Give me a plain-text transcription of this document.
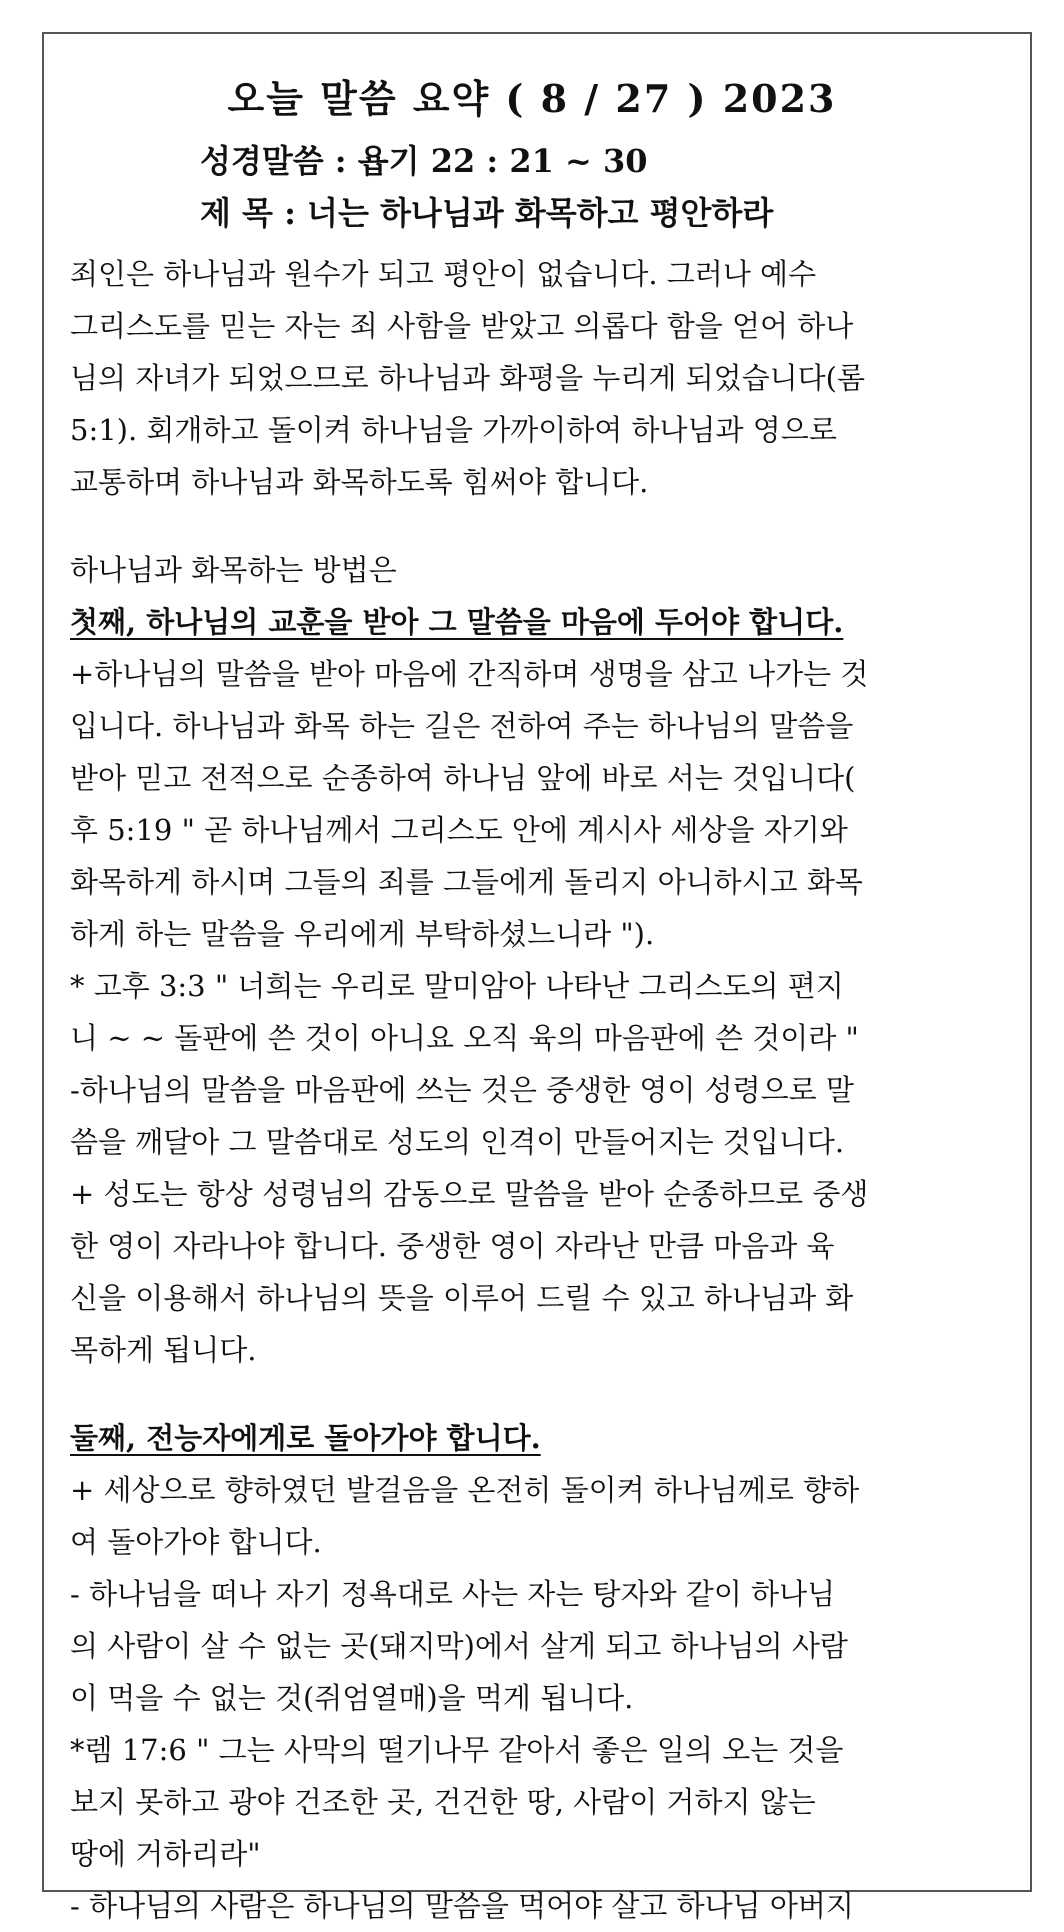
오늘 말씀 요약 ( 8 / 27 ) 2023
성경말씀 : 욥기 22 : 21 ~ 30
제 목 : 너는 하나님과 화목하고 평안하라
죄인은 하나님과 원수가 되고 평안이 없습니다. 그러나 예수
그리스도를 믿는 자는 죄 사함을 받았고 의롭다 함을 얻어 하나
님의 자녀가 되었으므로 하나님과 화평을 누리게 되었습니다(롬
5:1). 회개하고 돌이켜 하나님을 가까이하여 하나님과 영으로
교통하며 하나님과 화목하도록 힘써야 합니다.
하나님과 화목하는 방법은
첫째, 하나님의 교훈을 받아 그 말씀을 마음에 두어야 합니다.
+하나님의 말씀을 받아 마음에 간직하며 생명을 삼고 나가는 것
입니다. 하나님과 화목 하는 길은 전하여 주는 하나님의 말씀을
받아 믿고 전적으로 순종하여 하나님 앞에 바로 서는 것입니다(
후 5:19 " 곧 하나님께서 그리스도 안에 계시사 세상을 자기와
화목하게 하시며 그들의 죄를 그들에게 돌리지 아니하시고 화목
하게 하는 말씀을 우리에게 부탁하셨느니라 ").
* 고후 3:3 " 너희는 우리로 말미암아 나타난 그리스도의 편지
니 ~ ~ 돌판에 쓴 것이 아니요 오직 육의 마음판에 쓴 것이라 "
-하나님의 말씀을 마음판에 쓰는 것은 중생한 영이 성령으로 말
씀을 깨달아 그 말씀대로 성도의 인격이 만들어지는 것입니다.
+ 성도는 항상 성령님의 감동으로 말씀을 받아 순종하므로 중생
한 영이 자라나야 합니다. 중생한 영이 자라난 만큼 마음과 육
신을 이용해서 하나님의 뜻을 이루어 드릴 수 있고 하나님과 화
목하게 됩니다.
둘째, 전능자에게로 돌아가야 합니다.
+ 세상으로 향하였던 발걸음을 온전히 돌이켜 하나님께로 향하
여 돌아가야 합니다.
- 하나님을 떠나 자기 정욕대로 사는 자는 탕자와 같이 하나님
의 사람이 살 수 없는 곳(돼지막)에서 살게 되고 하나님의 사람
이 먹을 수 없는 것(쥐엄열매)을 먹게 됩니다.
*렘 17:6 " 그는 사막의 떨기나무 같아서 좋은 일의 오는 것을
보지 못하고 광야 건조한 곳, 건건한 땅, 사람이 거하지 않는
땅에 거하리라"
- 하나님의 사람은 하나님의 말씀을 먹어야 살고 하나님 아버지
